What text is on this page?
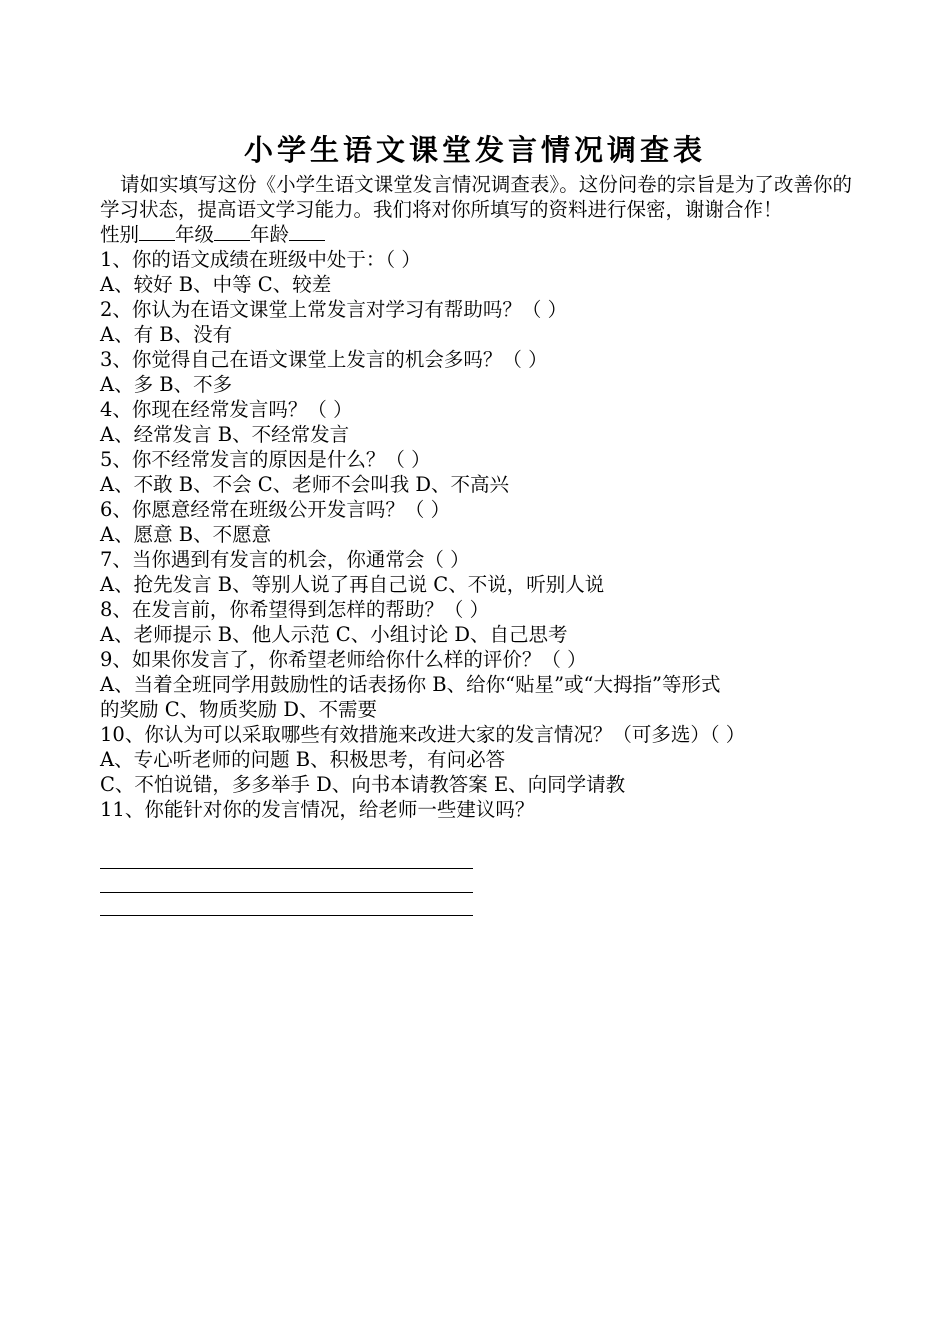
小学生语文课堂发言情况调查表
请如实填写这份《小学生语文课堂发言情况调查表》。这份问卷的宗旨是为了改善你的学习状态，提高语文学习能力。我们将对你所填写的资料进行保密，谢谢合作！
性别 年级 年龄
1、你的语文成绩在班级中处于：（ ）
A、较好 B、中等 C、较差
2、你认为在语文课堂上常发言对学习有帮助吗？（ ）
A、有 B、没有
3、你觉得自己在语文课堂上发言的机会多吗？（ ）
A、多 B、不多
4、你现在经常发言吗？（ ）
A、经常发言 B、不经常发言
5、你不经常发言的原因是什么？（ ）
A、不敢 B、不会 C、老师不会叫我 D、不高兴
6、你愿意经常在班级公开发言吗？（ ）
A、愿意 B、不愿意
7、当你遇到有发言的机会，你通常会（ ）
A、抢先发言 B、等别人说了再自己说 C、不说，听别人说
8、在发言前，你希望得到怎样的帮助？（ ）
A、老师提示 B、他人示范 C、小组讨论 D、自己思考
9、如果你发言了，你希望老师给你什么样的评价？（ ）
A、当着全班同学用鼓励性的话表扬你 B、给你“贴星”或“大拇指”等形式
的奖励 C、物质奖励 D、不需要
10、你认为可以采取哪些有效措施来改进大家的发言情况？（可多选）（ ）
A、专心听老师的问题 B、积极思考，有问必答
C、不怕说错，多多举手 D、向书本请教答案 E、向同学请教
11、你能针对你的发言情况，给老师一些建议吗？
